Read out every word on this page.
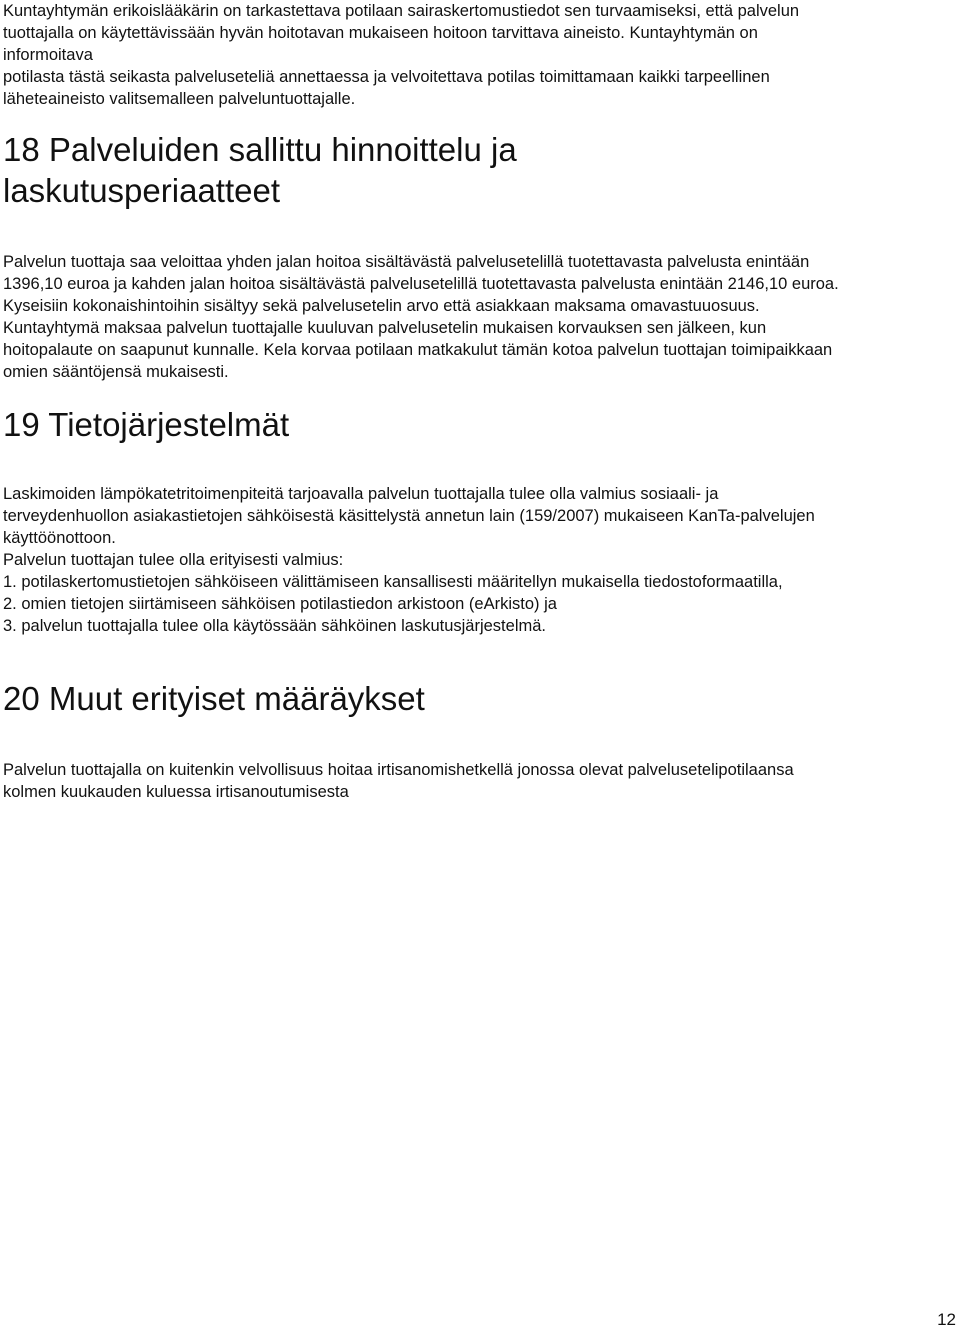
Kuntayhtymän erikoislääkärin on tarkastettava potilaan sairaskertomustiedot sen turvaamiseksi, että palvelun
tuottajalla on käytettävissään hyvän hoitotavan mukaiseen hoitoon tarvittava aineisto. Kuntayhtymän on
informoitava
potilasta tästä seikasta palveluseteliä annettaessa ja velvoitettava potilas toimittamaan kaikki tarpeellinen
läheteaineisto valitsemalleen palveluntuottajalle.
18 Palveluiden sallittu hinnoittelu ja
laskutusperiaatteet
Palvelun tuottaja saa veloittaa yhden jalan hoitoa sisältävästä palvelusetelillä tuotettavasta palvelusta enintään
1396,10 euroa ja kahden jalan hoitoa sisältävästä palvelusetelillä tuotettavasta palvelusta enintään 2146,10 euroa.
Kyseisiin kokonaishintoihin sisältyy sekä palvelusetelin arvo että asiakkaan maksama omavastuuosuus.
Kuntayhtymä maksaa palvelun tuottajalle kuuluvan palvelusetelin mukaisen korvauksen sen jälkeen, kun
hoitopalaute on saapunut kunnalle. Kela korvaa potilaan matkakulut tämän kotoa palvelun tuottajan toimipaikkaan
omien sääntöjensä mukaisesti.
19 Tietojärjestelmät
Laskimoiden lämpökatetritoimenpiteitä tarjoavalla palvelun tuottajalla tulee olla valmius sosiaali- ja
terveydenhuollon asiakastietojen sähköisestä käsittelystä annetun lain (159/2007) mukaiseen KanTa-palvelujen
käyttöönottoon.
Palvelun tuottajan tulee olla erityisesti valmius:
1. potilaskertomustietojen sähköiseen välittämiseen kansallisesti määritellyn mukaisella tiedostoformaatilla,
2. omien tietojen siirtämiseen sähköisen potilastiedon arkistoon (eArkisto) ja
3. palvelun tuottajalla tulee olla käytössään sähköinen laskutusjärjestelmä.
20 Muut erityiset määräykset
Palvelun tuottajalla on kuitenkin velvollisuus hoitaa irtisanomishetkellä jonossa olevat palvelusetelipotilaansa
kolmen kuukauden kuluessa irtisanoutumisesta
12
